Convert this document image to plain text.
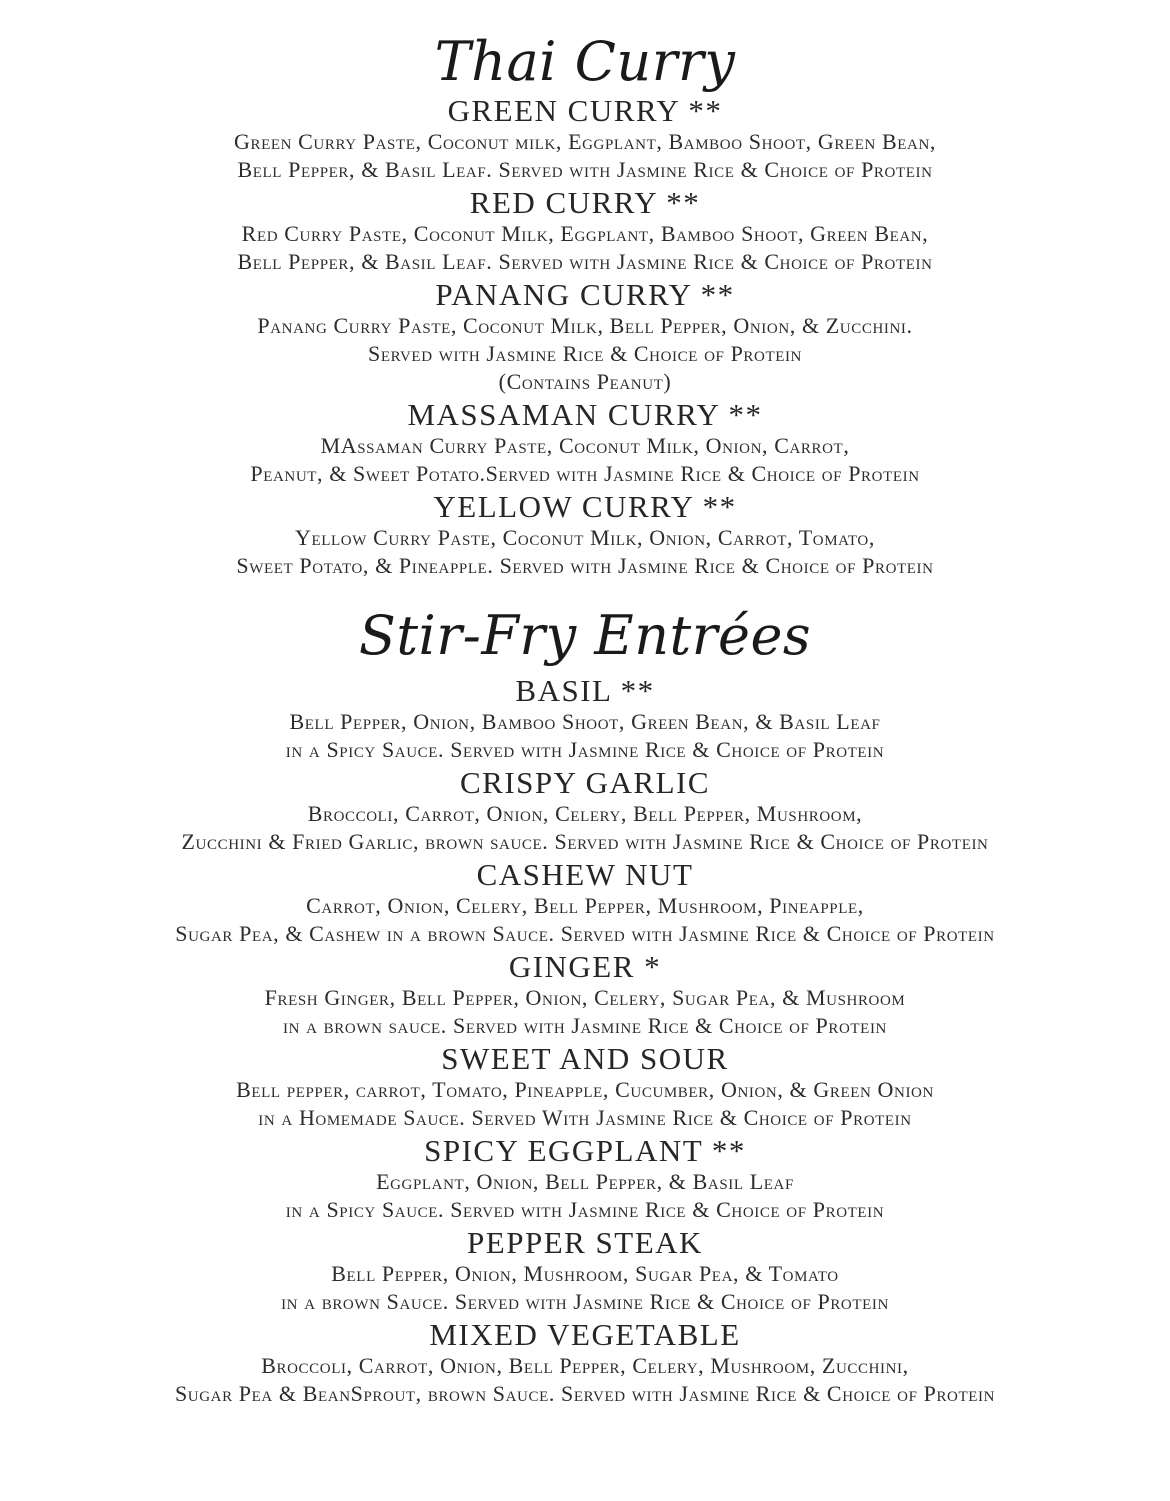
Thai Curry
GREEN CURRY **
Green Curry Paste, Coconut milk, Eggplant, Bamboo Shoot, Green Bean,
Bell Pepper, & Basil Leaf. Served with Jasmine Rice & Choice of Protein
RED CURRY **
Red Curry Paste, Coconut Milk, Eggplant, Bamboo Shoot, Green Bean,
Bell Pepper, & Basil Leaf. Served with Jasmine Rice & Choice of Protein
PANANG CURRY **
Panang Curry Paste, Coconut Milk, Bell Pepper, Onion, & Zucchini.
Served with Jasmine Rice & Choice of Protein
(Contains Peanut)
MASSAMAN CURRY **
MAssaman Curry Paste, Coconut Milk, Onion, Carrot,
Peanut, & Sweet Potato.Served with Jasmine Rice & Choice of Protein
YELLOW CURRY **
Yellow Curry Paste, Coconut Milk, Onion, Carrot, Tomato,
Sweet Potato, & Pineapple. Served with Jasmine Rice & Choice of Protein
Stir-Fry Entrées
BASIL **
Bell Pepper, Onion, Bamboo Shoot, Green Bean, & Basil Leaf
in a Spicy Sauce. Served with Jasmine Rice & Choice of Protein
CRISPY GARLIC
Broccoli, Carrot, Onion, Celery, Bell Pepper, Mushroom,
Zucchini & Fried Garlic, brown sauce. Served with Jasmine Rice & Choice of Protein
CASHEW NUT
Carrot, Onion, Celery, Bell Pepper, Mushroom, Pineapple,
Sugar Pea, & Cashew in a brown Sauce. Served with Jasmine Rice & Choice of Protein
GINGER *
Fresh Ginger, Bell Pepper, Onion, Celery, Sugar Pea, & Mushroom
in a brown sauce. Served with Jasmine Rice & Choice of Protein
SWEET AND SOUR
Bell pepper, carrot, Tomato, Pineapple, Cucumber, Onion, & Green Onion
in a Homemade Sauce. Served With Jasmine Rice & Choice of Protein
SPICY EGGPLANT **
Eggplant, Onion, Bell Pepper, & Basil Leaf
in a Spicy Sauce. Served with Jasmine Rice & Choice of Protein
PEPPER STEAK
Bell Pepper, Onion, Mushroom, Sugar Pea, & Tomato
in a brown Sauce. Served with Jasmine Rice & Choice of Protein
MIXED VEGETABLE
Broccoli, Carrot, Onion, Bell Pepper, Celery, Mushroom, Zucchini,
Sugar Pea & BeanSprout, brown Sauce. Served with Jasmine Rice & Choice of Protein
